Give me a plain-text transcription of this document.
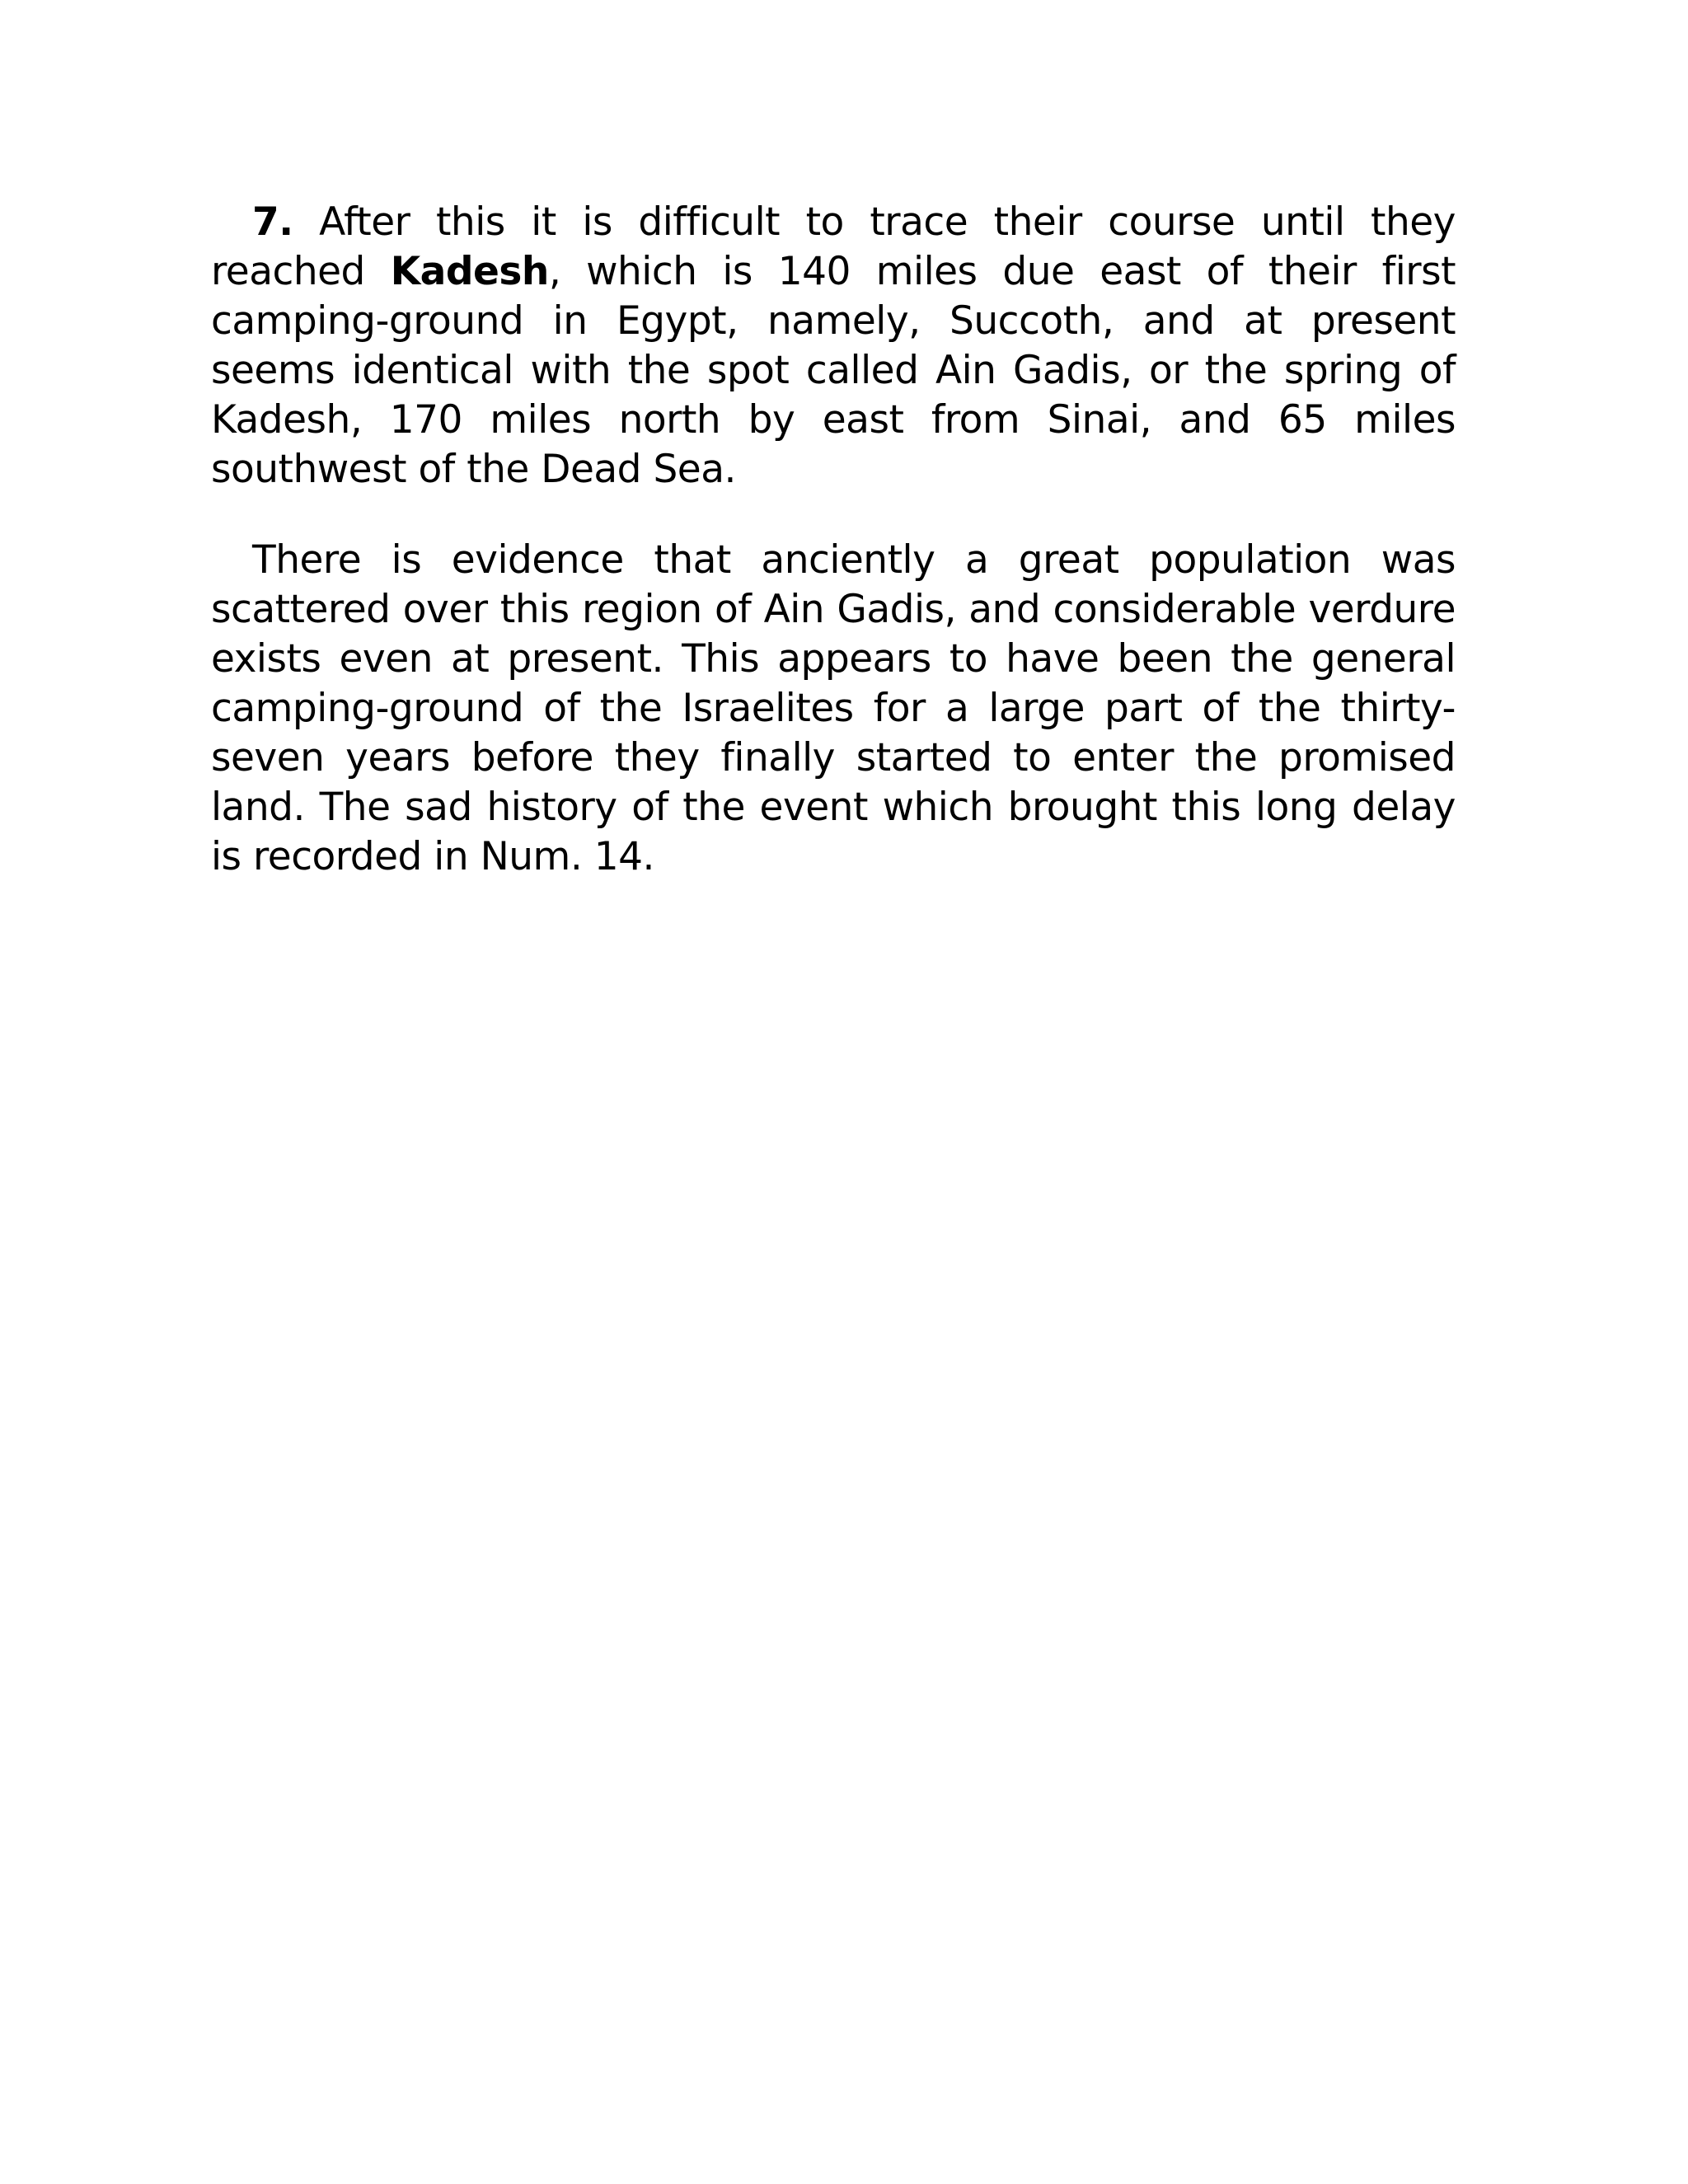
7. After this it is difficult to trace their course until they reached Kadesh, which is 140 miles due east of their first camping-ground in Egypt, namely, Succoth, and at present seems identical with the spot called Ain Gadis, or the spring of Kadesh, 170 miles north by east from Sinai, and 65 miles southwest of the Dead Sea.

There is evidence that anciently a great population was scattered over this region of Ain Gadis, and considerable verdure exists even at present. This appears to have been the general camping-ground of the Israelites for a large part of the thirty-seven years before they finally started to enter the promised land. The sad history of the event which brought this long delay is recorded in Num. 14.
